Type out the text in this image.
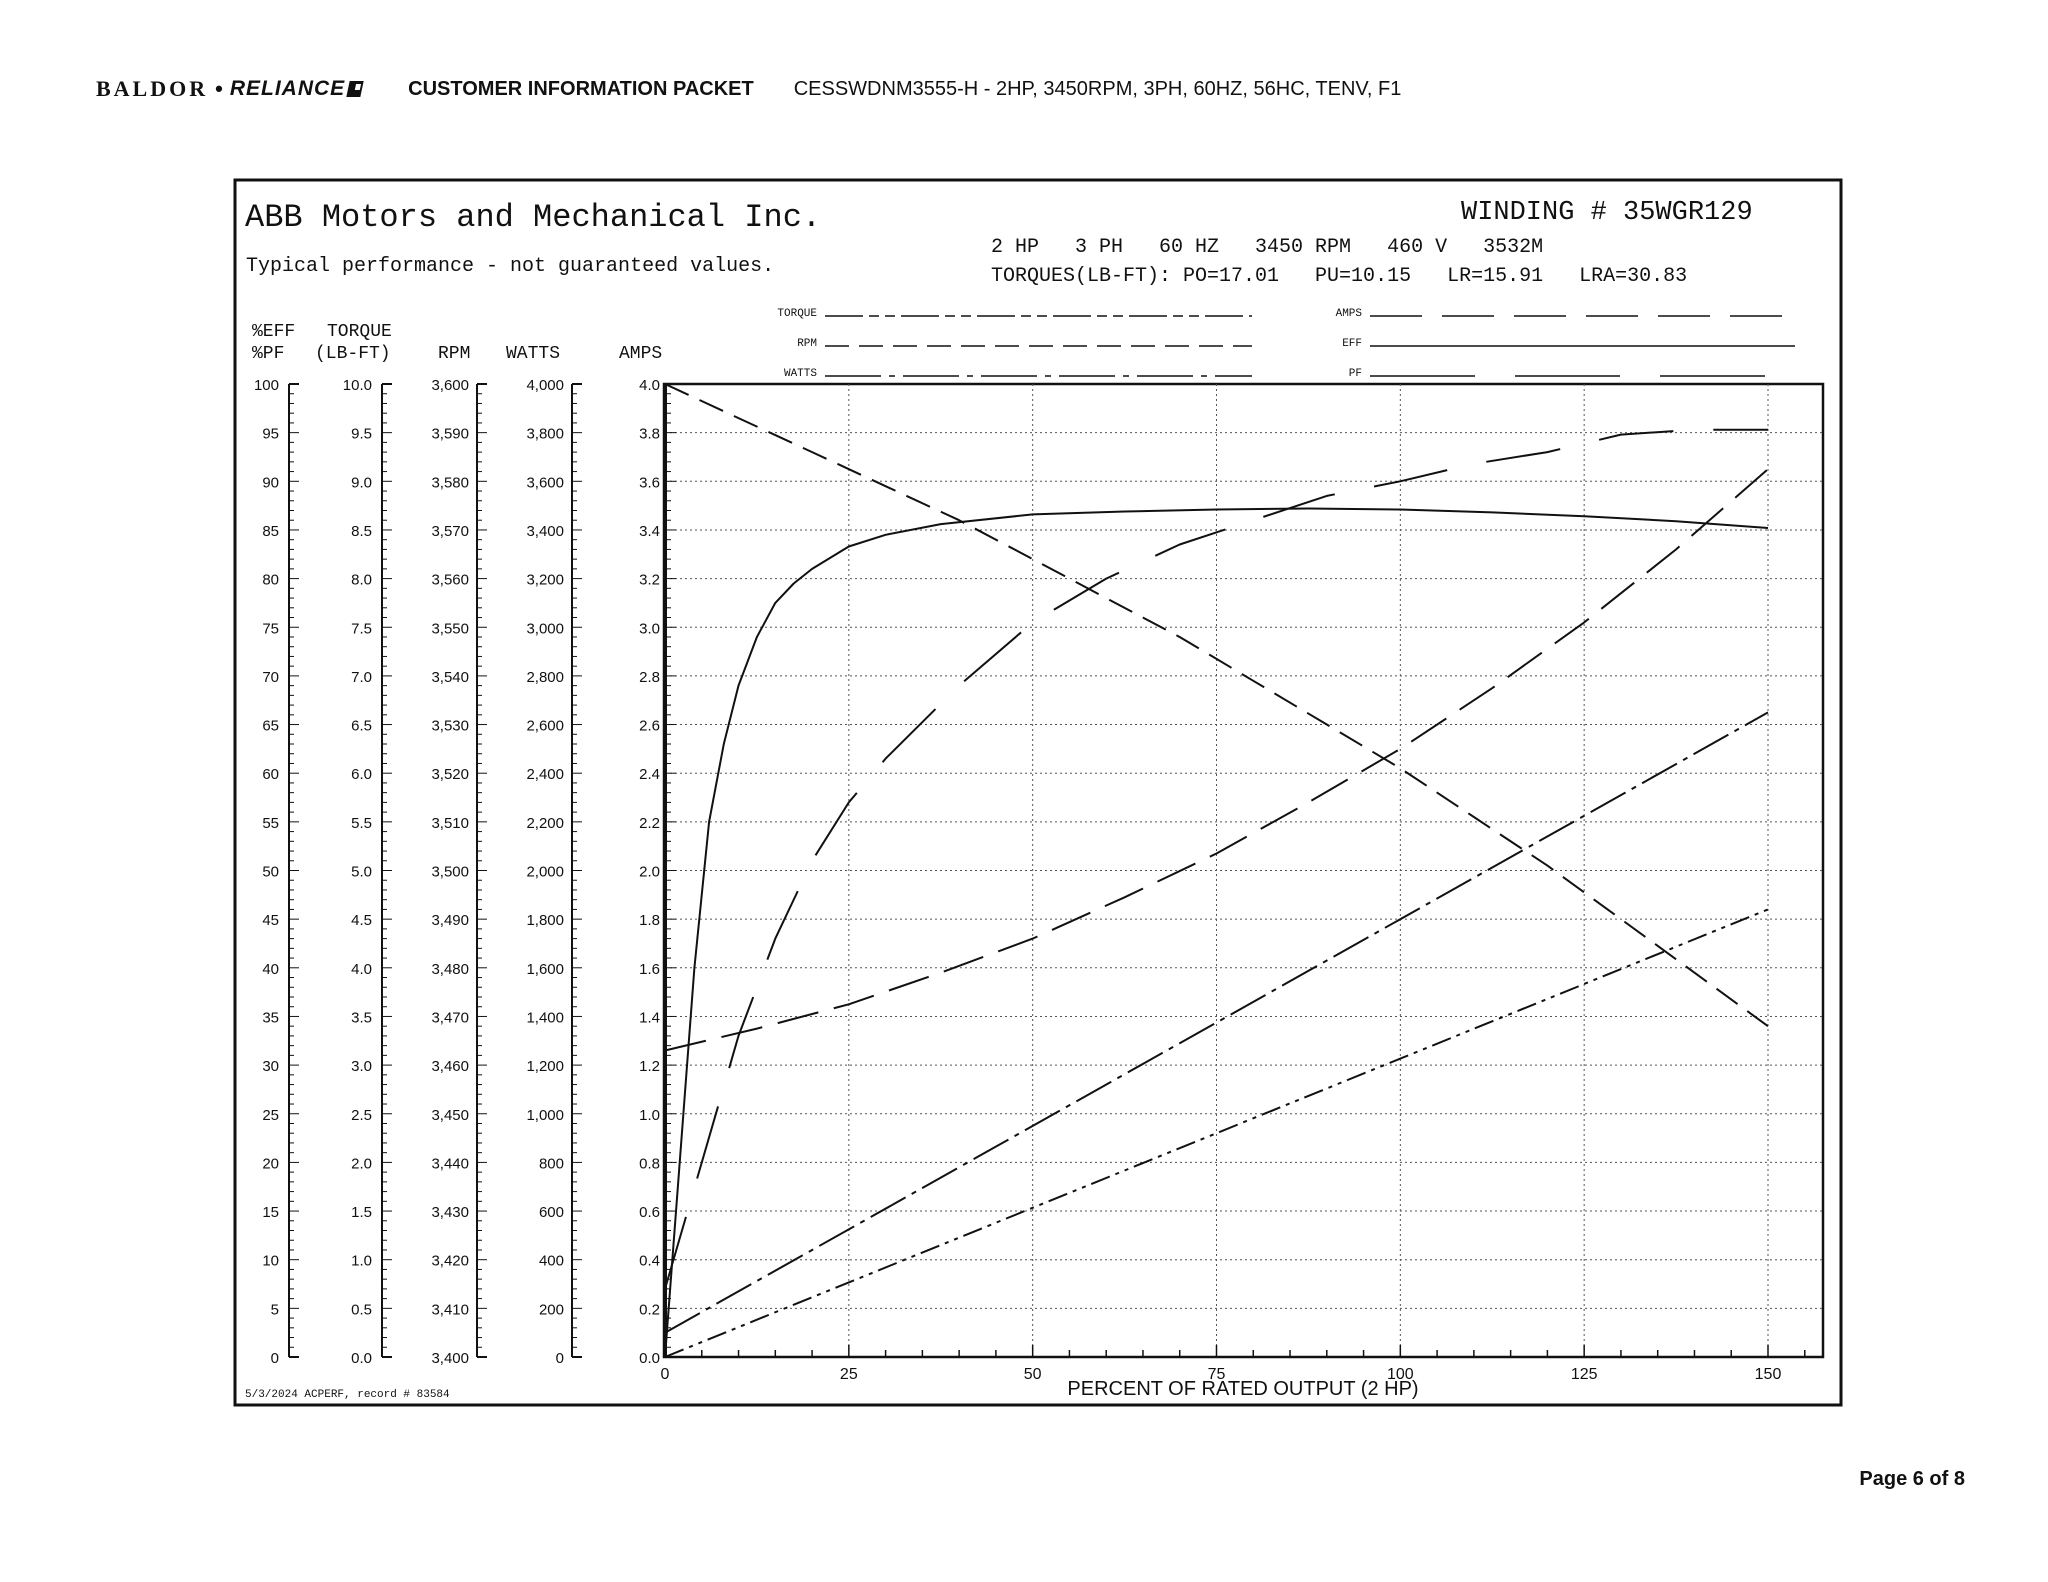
BALDOR • RELIANCE	CUSTOMER INFORMATION PACKET CESSWDNM3555-H - 2HP, 3450RPM, 3PH, 60HZ, 56HC, TENV, F1
ABB Motors and Mechanical Inc.
Typical performance - not guaranteed values.
WINDING # 35WGR129
2 HP   3 PH   60 HZ   3450 RPM   460 V   3532M
TORQUES(LB-FT): PO=17.01   PU=10.15   LR=15.91   LRA=30.83
5/3/2024 ACPERF, record # 83584
TORQUE
RPM
WATTS
AMPS
EFF
PF
%EFF
%PF
TORQUE
(LB-FT)	RPM WATTS	AMPS
100
95
90
85
80
75
70
65
60
55
50
45
40
35
30
25
20
15
10
5
0
10.0
9.5
9.0
8.5
8.0
7.5
7.0
6.5
6.0
5.5
5.0
4.5
4.0
3.5
3.0
2.5
2.0
1.5
1.0
0.5
0.0
3,600
3,590
3,580
3,570
3,560
3,550
3,540
3,530
3,520
3,510
3,500
3,490
3,480
3,470
3,460
3,450
3,440
3,430
3,420
3,410
3,400
4,000
3,800
3,600
3,400
3,200
3,000
2,800
2,600
2,400
2,200
2,000
1,800
1,600
1,400
1,200
1,000
800
600
400
200
0
4.0
3.8
3.6
3.4
3.2
3.0
2.8
2.6
2.4
2.2
2.0
1.8
1.6
1.4
1.2
1.0
0.8
0.6
0.4
0.2
0.0
0	25	50	75	100	125	150
PERCENT OF RATED OUTPUT (2 HP)
Page 6 of 8
